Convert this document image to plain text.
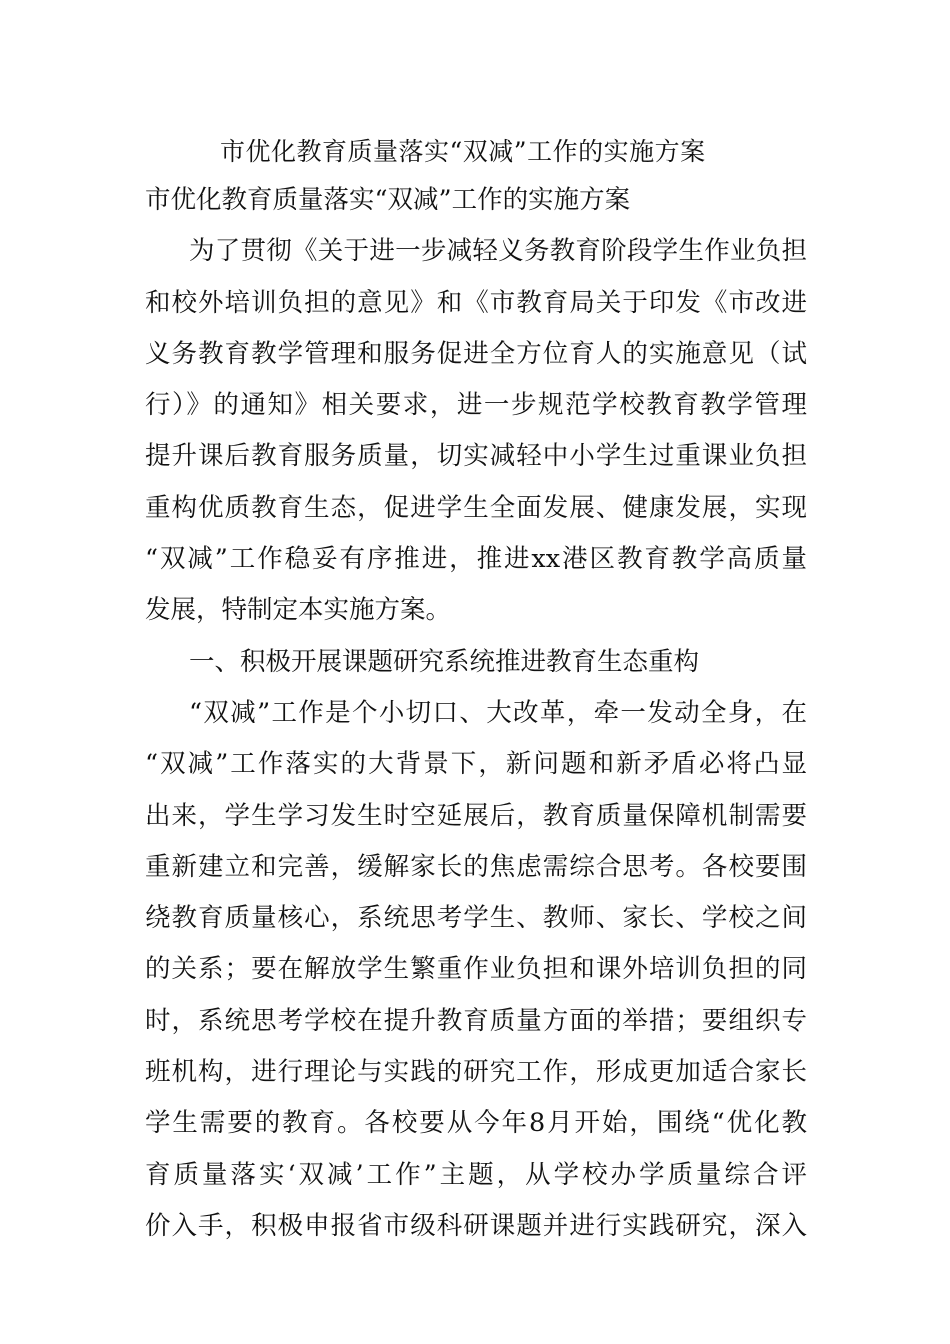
市优化教育质量落实“双减”工作的实施方案
市优化教育质量落实“双减”工作的实施方案
为了贯彻《关于进一步减轻义务教育阶段学生作业负担
和校外培训负担的意见》和《市教育局关于印发《市改进
义务教育教学管理和服务促进全方位育人的实施意见（试
行）》的通知》相关要求，进一步规范学校教育教学管理
提升课后教育服务质量，切实减轻中小学生过重课业负担
重构优质教育生态，促进学生全面发展、健康发展，实现
“双减”工作稳妥有序推进，推进xx港区教育教学高质量
发展，特制定本实施方案。
一、积极开展课题研究系统推进教育生态重构
“双减”工作是个小切口、大改革，牵一发动全身，在
“双减”工作落实的大背景下，新问题和新矛盾必将凸显
出来，学生学习发生时空延展后，教育质量保障机制需要
重新建立和完善，缓解家长的焦虑需综合思考。各校要围
绕教育质量核心，系统思考学生、教师、家长、学校之间
的关系；要在解放学生繁重作业负担和课外培训负担的同
时，系统思考学校在提升教育质量方面的举措；要组织专
班机构，进行理论与实践的研究工作，形成更加适合家长
学生需要的教育。各校要从今年8月开始，围绕“优化教
育质量落实‘双减’工作”主题，从学校办学质量综合评
价入手，积极申报省市级科研课题并进行实践研究，深入
